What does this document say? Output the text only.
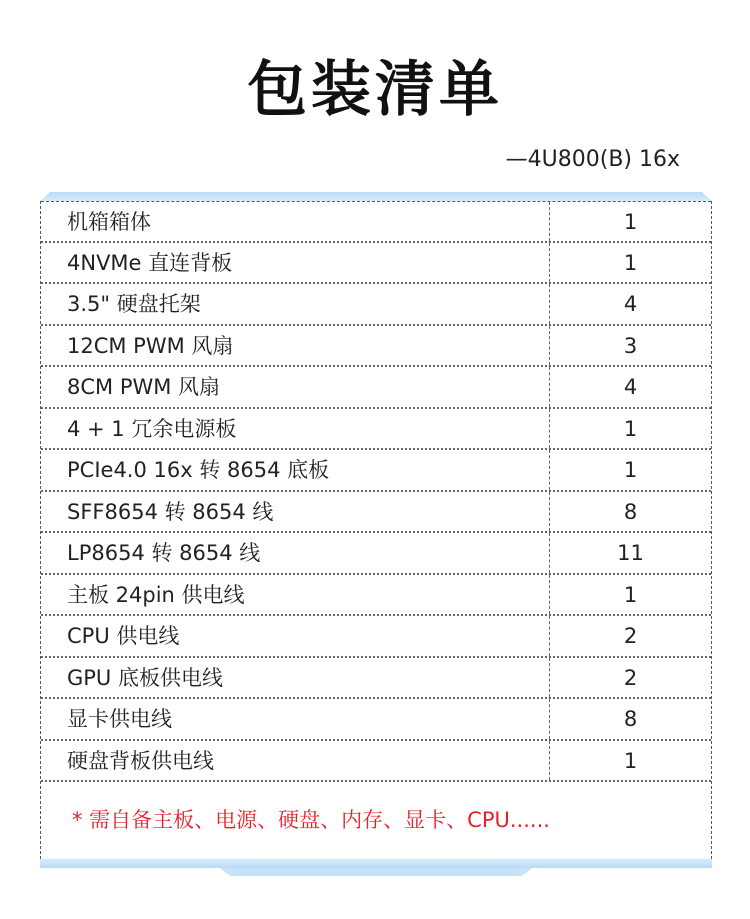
包装清单
—4U800(B) 16x
机箱箱体	1
4NVMe 直连背板	1
3.5" 硬盘托架	4
12CM PWM 风扇	3
8CM PWM 风扇	4
4 + 1 冗余电源板	1
PCIe4.0 16x 转 8654 底板	1
SFF8654 转 8654 线	8
LP8654 转 8654 线	11
主板 24pin 供电线	1
CPU 供电线	2
GPU 底板供电线	2
显卡供电线	8
硬盘背板供电线	1
* 需自备主板、电源、硬盘、内存、显卡、CPU......
